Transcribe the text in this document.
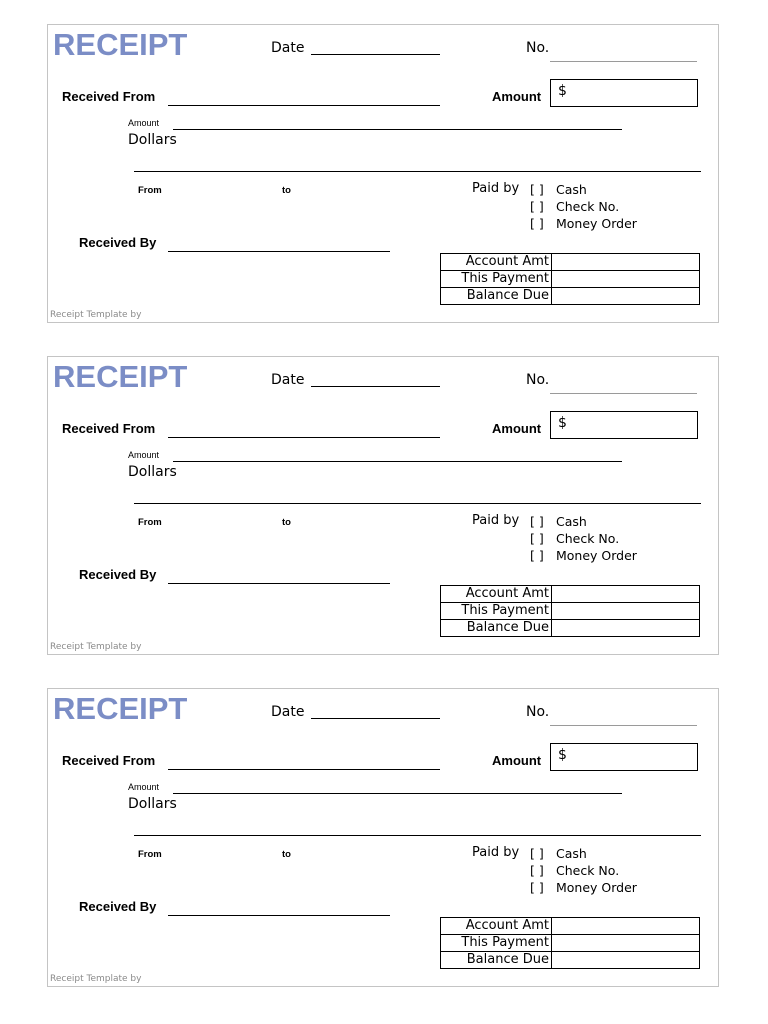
RECEIPT	Date	No.
Received From	Amount $
Amount
Dollars
From	to	Paid by [ ] Cash
[ ] Check No.
[ ] Money Order
Received By
Account Amt	
This Payment	
Balance Due	
Receipt Template by
RECEIPT	Date	No.
Received From	Amount $
Amount
Dollars
From	to	Paid by [ ] Cash
[ ] Check No.
[ ] Money Order
Received By
Account Amt	
This Payment	
Balance Due	
Receipt Template by
RECEIPT	Date	No.
Received From	Amount $
Amount
Dollars
From	to	Paid by [ ] Cash
[ ] Check No.
[ ] Money Order
Received By
Account Amt	
This Payment	
Balance Due	
Receipt Template by
